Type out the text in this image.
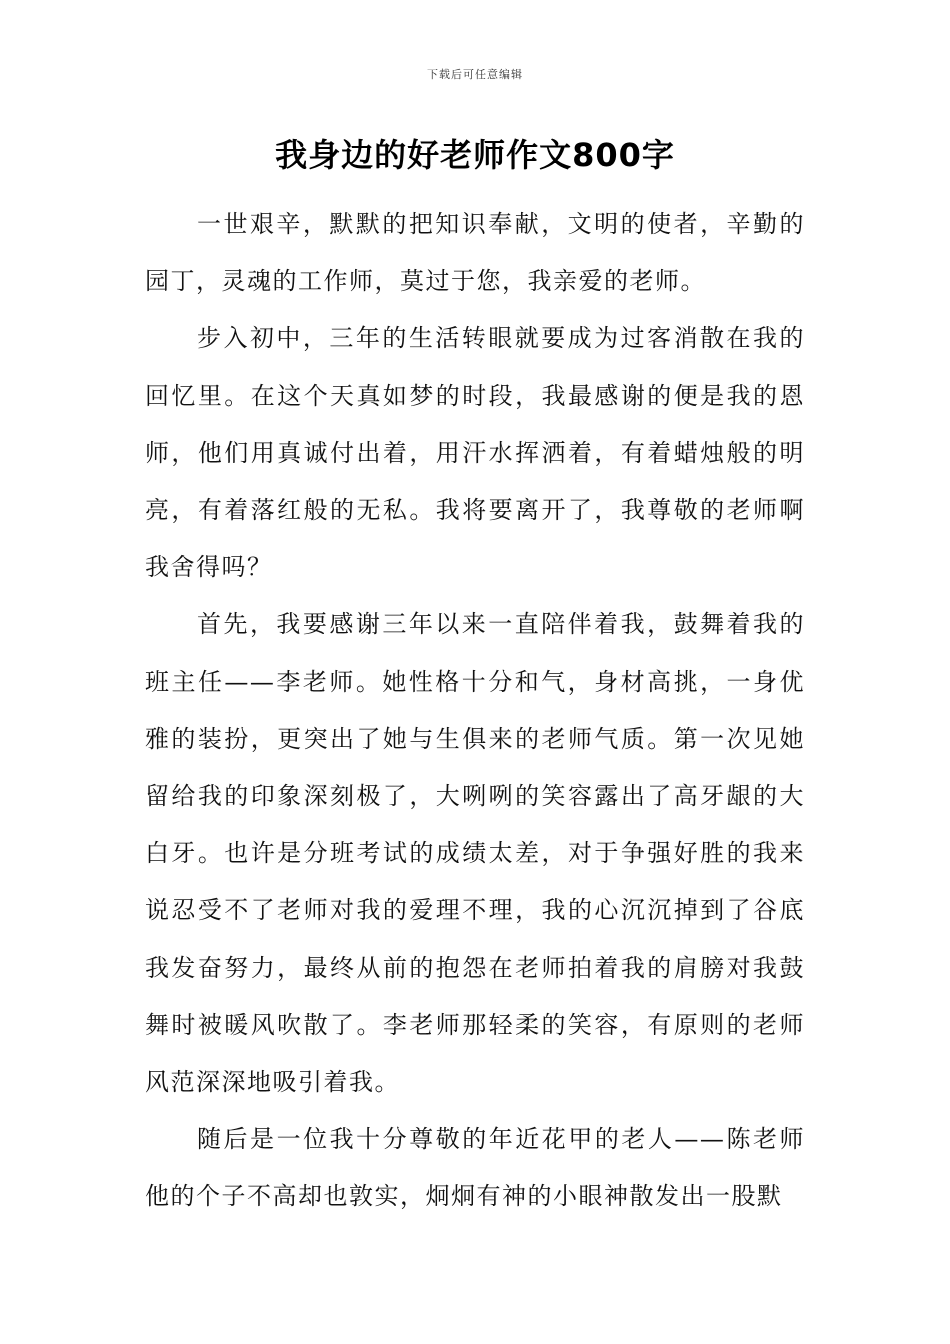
下载后可任意编辑
我身边的好老师作文800字

一世艰辛，默默的把知识奉献，文明的使者，辛勤的园丁，灵魂的工作师，莫过于您，我亲爱的老师。

步入初中，三年的生活转眼就要成为过客消散在我的回忆里。在这个天真如梦的时段，我最感谢的便是我的恩师，他们用真诚付出着，用汗水挥洒着，有着蜡烛般的明亮，有着落红般的无私。我将要离开了，我尊敬的老师啊我舍得吗？

首先，我要感谢三年以来一直陪伴着我，鼓舞着我的班主任——李老师。她性格十分和气，身材高挑，一身优雅的装扮，更突出了她与生俱来的老师气质。第一次见她留给我的印象深刻极了，大咧咧的笑容露出了高牙龈的大白牙。也许是分班考试的成绩太差，对于争强好胜的我来说忍受不了老师对我的爱理不理，我的心沉沉掉到了谷底我发奋努力，最终从前的抱怨在老师拍着我的肩膀对我鼓舞时被暖风吹散了。李老师那轻柔的笑容，有原则的老师风范深深地吸引着我。

随后是一位我十分尊敬的年近花甲的老人——陈老师他的个子不高却也敦实，炯炯有神的小眼神散发出一股默
